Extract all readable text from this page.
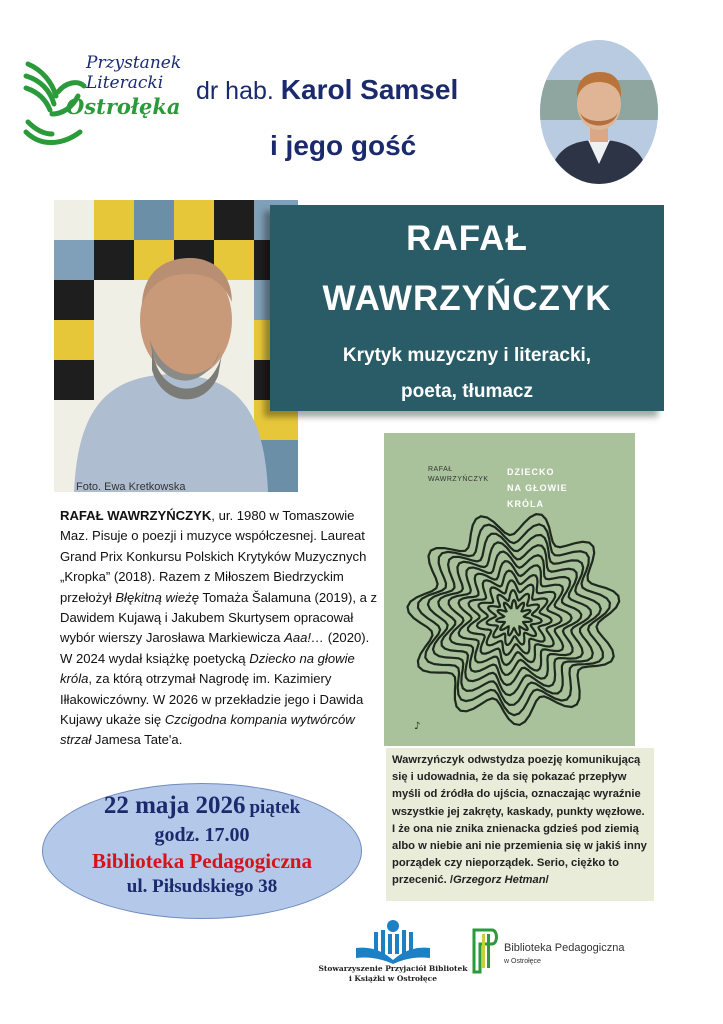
Przystanek
Literacki
Ostrołęka
dr hab. Karol Samsel
i jego gość
Foto. Ewa Kretkowska
RAFAŁ
WAWRZYŃCZYK
Krytyk muzyczny i literacki,
poeta, tłumacz
♪
RAFAŁ
WAWRZYŃCZYK
DZIECKO
NA GŁOWIE
KRÓLA
RAFAŁ WAWRZYŃCZYK, ur. 1980 w Tomaszowie Maz. Pisuje o poezji i muzyce współczesnej. Laureat Grand Prix Konkursu Polskich Krytyków Muzycznych „Kropka” (2018). Razem z Miłoszem Biedrzyckim przełożył Błękitną wieżę Tomaża Šalamuna (2019), a z Dawidem Kujawą i Jakubem Skurtysem opracował wybór wierszy Jarosława Markiewicza Aaa!… (2020). W 2024 wydał książkę poetycką Dziecko na głowie króla, za którą otrzymał Nagrodę im. Kazimiery Iłłakowiczówny. W 2026 w przekładzie jego i Dawida Kujawy ukaże się Czcigodna kompania wytwórców strzał Jamesa Tate'a.
22 maja 2026 piątek
godz. 17.00
Biblioteka Pedagogiczna
ul. Piłsudskiego 38
Wawrzyńczyk odwstydza poezję komunikującą się i udowadnia, że da się pokazać przepływ myśli od źródła do ujścia, oznaczając wyraźnie wszystkie jej zakręty, kaskady, punkty węzłowe. I że ona nie znika znienacka gdzieś pod ziemią albo w niebie ani nie przemienia się w jakiś inny porządek czy nieporządek. Serio, ciężko to przecenić. /Grzegorz Hetman/
Stowarzyszenie Przyjaciół Bibliotek
i Książki w Ostrołęce
Biblioteka Pedagogiczna
w Ostrołęce
